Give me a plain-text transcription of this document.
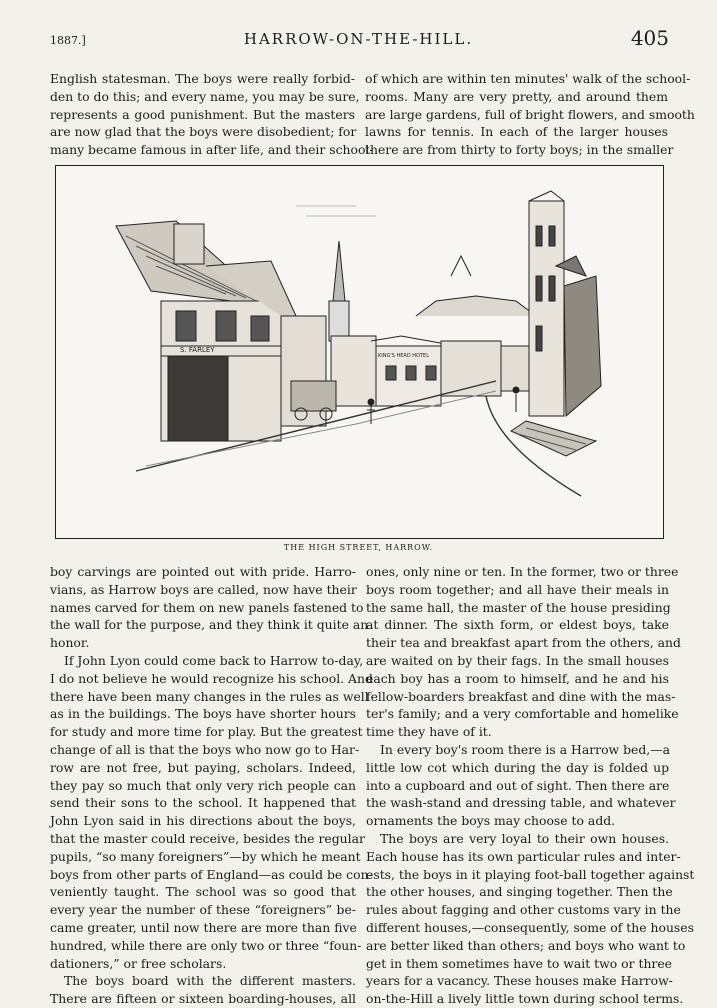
1887.]	HARROW-ON-THE-HILL.	405
English statesman. The boys were really forbid-
den to do this; and every name, you may be sure,
represents a good punishment. But the masters
are now glad that the boys were disobedient; for
many became famous in after life, and their school-
of which are within ten minutes' walk of the school-
rooms. Many are very pretty, and around them
are large gardens, full of bright flowers, and smooth
lawns for tennis. In each of the larger houses
there are from thirty to forty boys; in the smaller
S. FARLEY
KING'S HEAD HOTEL
THE HIGH STREET, HARROW.
boy carvings are pointed out with pride. Harro-
vians, as Harrow boys are called, now have their
names carved for them on new panels fastened to
the wall for the purpose, and they think it quite an
honor.
If John Lyon could come back to Harrow to-day,
I do not believe he would recognize his school. And
there have been many changes in the rules as well
as in the buildings. The boys have shorter hours
for study and more time for play. But the greatest
change of all is that the boys who now go to Har-
row are not free, but paying, scholars. Indeed,
they pay so much that only very rich people can
send their sons to the school. It happened that
John Lyon said in his directions about the boys,
that the master could receive, besides the regular
pupils, “so many foreigners”—by which he meant
boys from other parts of England—as could be con-
veniently taught. The school was so good that
every year the number of these “foreigners” be-
came greater, until now there are more than five
hundred, while there are only two or three “foun-
dationers,” or free scholars.
The boys board with the different masters.
There are fifteen or sixteen boarding-houses, all
ones, only nine or ten. In the former, two or three
boys room together; and all have their meals in
the same hall, the master of the house presiding
at dinner. The sixth form, or eldest boys, take
their tea and breakfast apart from the others, and
are waited on by their fags. In the small houses
each boy has a room to himself, and he and his
fellow-boarders breakfast and dine with the mas-
ter's family; and a very comfortable and homelike
time they have of it.
In every boy's room there is a Harrow bed,—a
little low cot which during the day is folded up
into a cupboard and out of sight. Then there are
the wash-stand and dressing table, and whatever
ornaments the boys may choose to add.
The boys are very loyal to their own houses.
Each house has its own particular rules and inter-
ests, the boys in it playing foot-ball together against
the other houses, and singing together. Then the
rules about fagging and other customs vary in the
different houses,—consequently, some of the houses
are better liked than others; and boys who want to
get in them sometimes have to wait two or three
years for a vacancy. These houses make Harrow-
on-the-Hill a lively little town during school terms.
